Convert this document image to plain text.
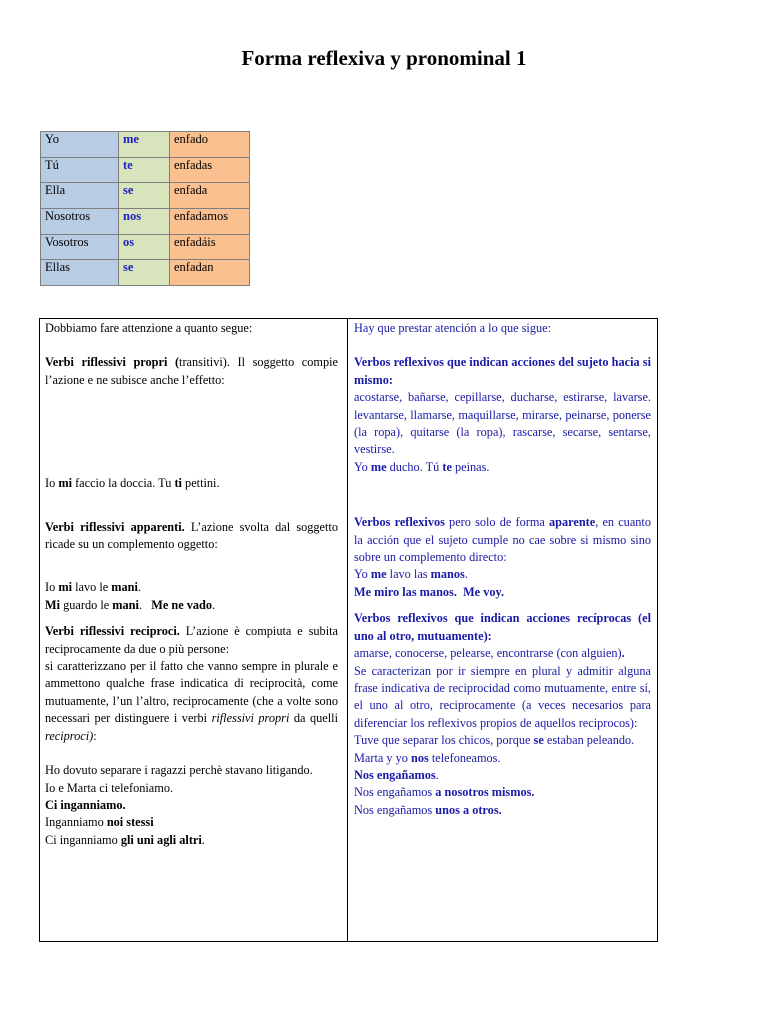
Forma reflexiva y pronominal 1
Yo	me	enfado
Tú	te	enfadas
Ella	se	enfada
Nosotros	nos	enfadamos
Vosotros	os	enfadáis
Ellas	se	enfadan
Dobbiamo fare attenzione a quanto segue:
Verbi riflessivi propri (transitivi). Il soggetto compie l’azione e ne subisce anche l’effetto:
Io mi faccio la doccia. Tu ti pettini.
Verbi riflessivi apparenti. L’azione svolta dal soggetto ricade su un complemento oggetto:
Io mi lavo le mani.
Mi guardo le mani.   Me ne vado.
Verbi riflessivi reciproci. L’azione è compiuta e subita reciprocamente da due o più persone:
si caratterizzano per il fatto che vanno sempre in plurale e ammettono qualche frase indicatica di reciprocità, come mutuamente, l’un l’altro, reciprocamente (che a volte sono necessari per distinguere i verbi riflessivi propri da quelli reciproci):
Ho dovuto separare i ragazzi perchè stavano litigando.
Io e Marta ci telefoniamo.
Ci inganniamo.
Inganniamo noi stessi
Ci inganniamo gli uni agli altri.
Hay que prestar atención a lo que sigue:
Verbos reflexivos que indican acciones del sujeto hacia si mismo:
acostarse, bañarse, cepillarse, ducharse, estirarse, lavarse. levantarse, llamarse, maquillarse, mirarse, peinarse, ponerse (la ropa), quitarse (la ropa), rascarse, secarse, sentarse, vestirse.
Yo me ducho. Tú te peinas.
Verbos reflexivos pero solo de forma aparente, en cuanto la acción que el sujeto cumple no cae sobre si mismo sino sobre un complemento directo:
Yo me lavo las manos.
Me miro las manos.  Me voy.
Verbos reflexivos que indican acciones recíprocas (el uno al otro, mutuamente):
amarse, conocerse, pelearse, encontrarse (con alguien).
Se caracterizan por ir siempre en plural y admitir alguna frase indicativa de reciprocidad como mutuamente, entre sí, el uno al otro, reciprocamente (a veces necesarios para diferenciar los reflexivos propios de aquellos reciprocos):
Tuve que separar los chicos, porque se estaban peleando.
Marta y yo nos telefoneamos.
Nos engañamos.
Nos engañamos a nosotros mismos.
Nos engañamos unos a otros.
